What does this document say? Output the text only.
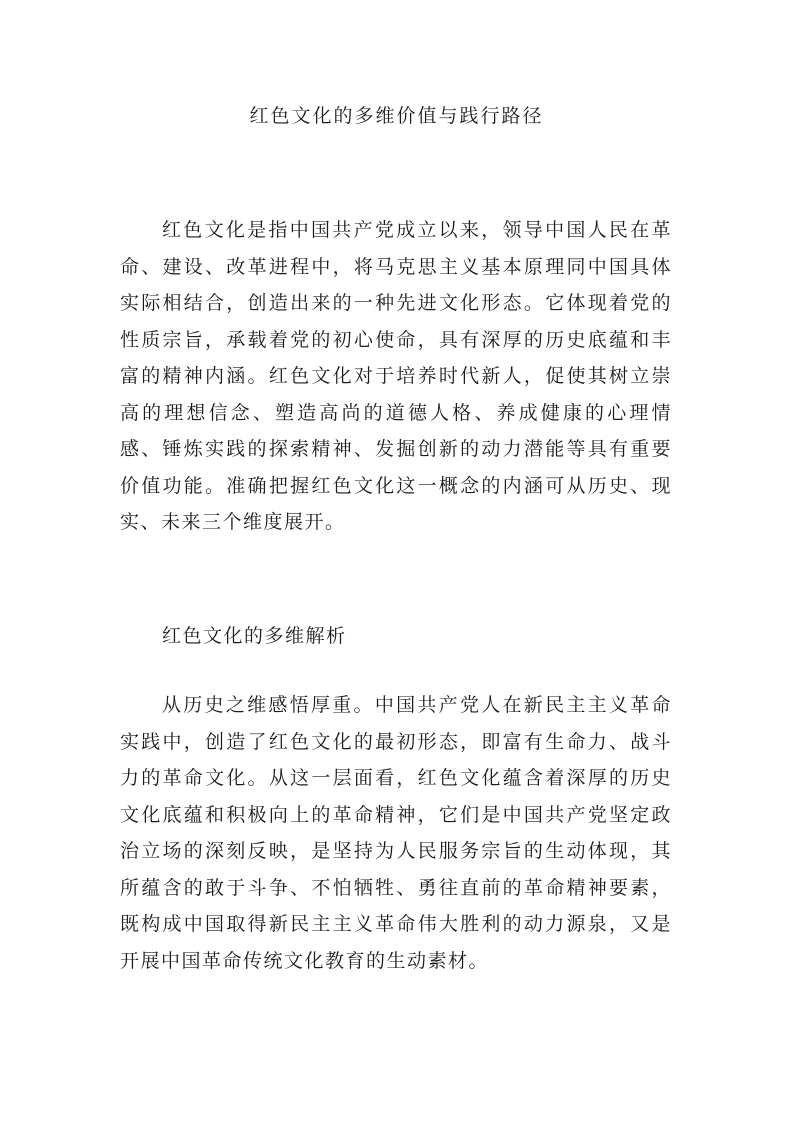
红色文化的多维价值与践行路径

红色文化是指中国共产党成立以来，领导中国人民在革命、建设、改革进程中，将马克思主义基本原理同中国具体实际相结合，创造出来的一种先进文化形态。它体现着党的性质宗旨，承载着党的初心使命，具有深厚的历史底蕴和丰富的精神内涵。红色文化对于培养时代新人，促使其树立崇高的理想信念、塑造高尚的道德人格、养成健康的心理情感、锤炼实践的探索精神、发掘创新的动力潜能等具有重要价值功能。准确把握红色文化这一概念的内涵可从历史、现实、未来三个维度展开。

红色文化的多维解析

从历史之维感悟厚重。中国共产党人在新民主主义革命实践中，创造了红色文化的最初形态，即富有生命力、战斗力的革命文化。从这一层面看，红色文化蕴含着深厚的历史文化底蕴和积极向上的革命精神，它们是中国共产党坚定政治立场的深刻反映，是坚持为人民服务宗旨的生动体现，其所蕴含的敢于斗争、不怕牺牲、勇往直前的革命精神要素，既构成中国取得新民主主义革命伟大胜利的动力源泉，又是开展中国革命传统文化教育的生动素材。
